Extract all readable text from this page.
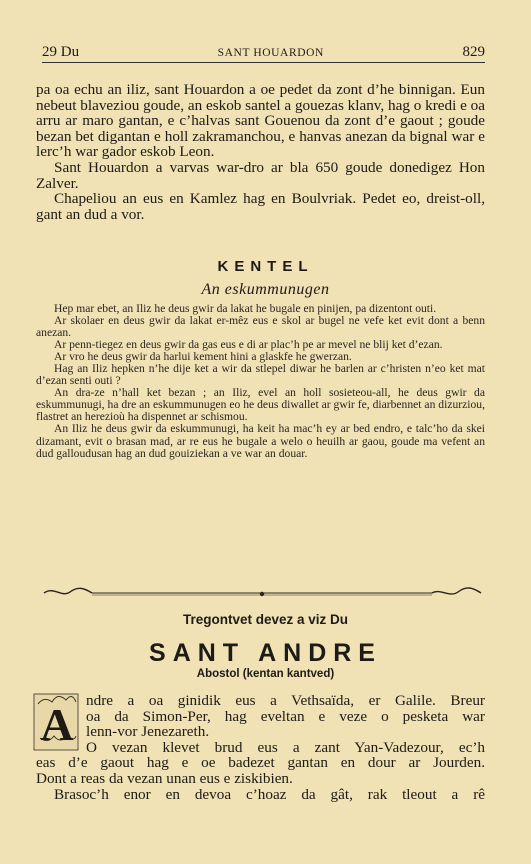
29 Du	SANT HOUARDON	829

pa oa echu an iliz, sant Houardon a oe pedet da zont d’he binnigan. Eun nebeut blaveziou goude, an eskob santel a gouezas klanv, hag o kredi e oa arru ar maro gantan, e c’halvas sant Gouenou da zont d’e gaout ; goude bezan bet digantan e holl zakramanchou, e hanvas anezan da bignal war e lerc’h war gador eskob Leon.

Sant Houardon a varvas war-dro ar bla 650 goude donedigez Hon Zalver.

Chapeliou an eus en Kamlez hag en Boulvriak. Pedet eo, dreist-oll, gant an dud a vor.

KENTEL
An eskummunugen

Hep mar ebet, an Iliz he deus gwir da lakat he bugale en pinijen, pa dizentont outi.

Ar skolaer en deus gwir da lakat er-mêz eus e skol ar bugel ne vefe ket evit dont a benn anezan.

Ar penn-tiegez en deus gwir da gas eus e di ar plac’h pe ar mevel ne blij ket d’ezan.

Ar vro he deus gwir da harlui kement hini a glaskfe he gwerzan.

Hag an Iliz hepken n’he dije ket a wir da stlepel diwar he barlen ar c’hristen n’eo ket mat d’ezan senti outi ?

An dra-ze n’hall ket bezan ; an Iliz, evel an holl sosieteou-all, he deus gwir da eskummunugi, ha dre an eskummunugen eo he deus diwallet ar gwir fe, diarbennet an dizurziou, flastret an herezioù ha dispennet ar schismou.

An Iliz he deus gwir da eskummunugi, ha keit ha mac’h ey ar bed endro, e talc’ho da skei dizamant, evit o brasan mad, ar re eus he bugale a welo o heuilh ar gaou, goude ma vefent an dud galloudusan hag an dud gouiziekan a ve war an douar.

Tregontvet devez a viz Du
SANT ANDRE
Abostol (kentan kantved)
A ndre a oa ginidik eus a Vethsaïda, er Galile. Breur
oa da Simon-Per, hag eveltan e veze o pesketa war
lenn-vor Jenezareth.
O vezan klevet brud eus a zant Yan-Vadezour, ec’h
eas d’e gaout hag e oe badezet gantan en dour ar Jourden.
Dont a reas da vezan unan eus e ziskibien.
Brasoc’h enor en devoa c’hoaz da gât, rak tleout a rê
